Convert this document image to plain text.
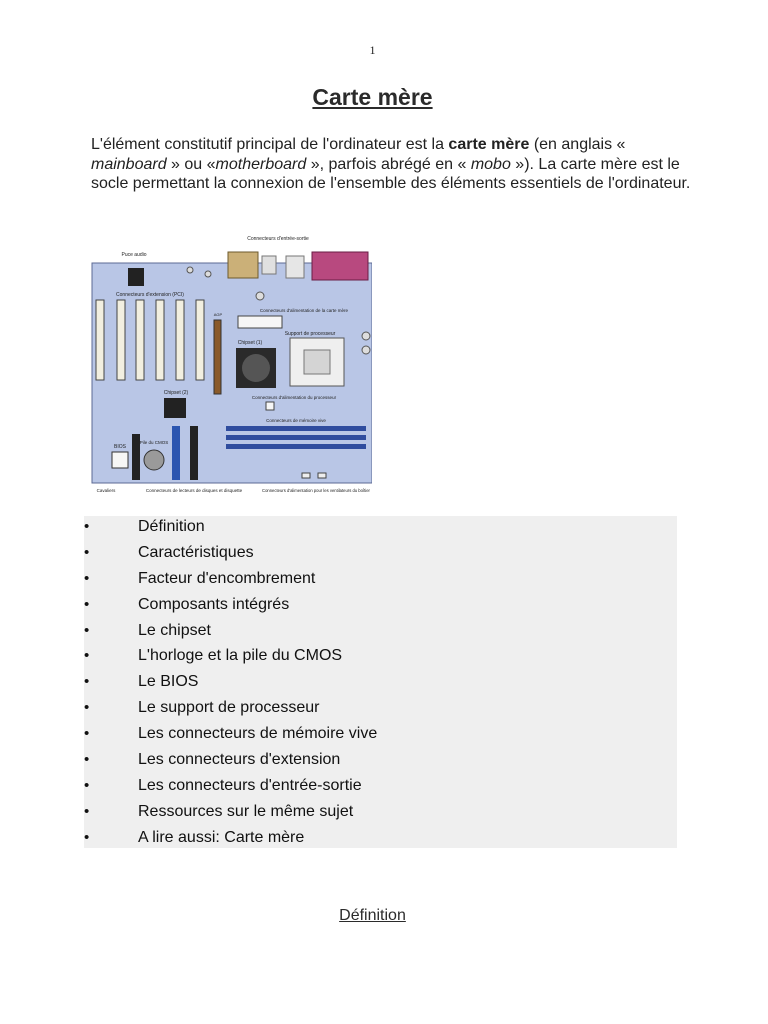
1
Carte mère
L'élément constitutif principal de l'ordinateur est la carte mère (en anglais « mainboard » ou «motherboard », parfois abrégé en « mobo »). La carte mère est le socle permettant la connexion de l'ensemble des éléments essentiels de l'ordinateur.
Connecteurs d'entrée-sortie
Puce audio
Connecteurs d'extension (PCI)
AGP
Connecteurs d'alimentation de la carte mère
Support de processeur
Chipset (1)
Connecteurs d'alimentation du processeur
Chipset (2)
Connecteurs de mémoire vive
BIOS
Pile du CMOS
Cavaliers	Connecteurs de lecteurs de disques et disquette	Connecteurs d'alimentation pour les ventilateurs du boîtier
•	Définition
•	Caractéristiques
•	Facteur d'encombrement
•	Composants intégrés
•	Le chipset
•	L'horloge et la pile du CMOS
•	Le BIOS
•	Le support de processeur
•	Les connecteurs de mémoire vive
•	Les connecteurs d'extension
•	Les connecteurs d'entrée-sortie
•	Ressources sur le même sujet
•	A lire aussi: Carte mère
Définition
